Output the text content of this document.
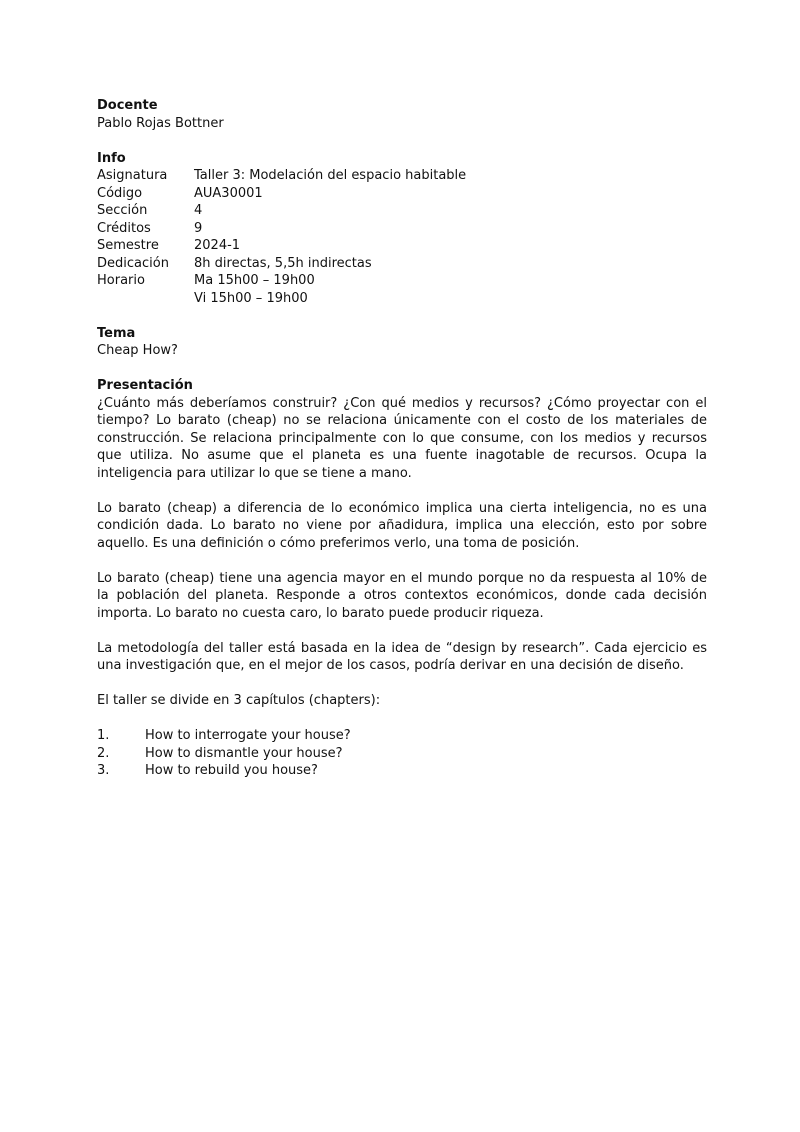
Docente

Pablo Rojas Bottner

Info

Asignatura	Taller 3: Modelación del espacio habitable
Código	AUA30001
Sección	4
Créditos	9
Semestre	2024-1
Dedicación	8h directas, 5,5h indirectas
Horario	Ma 15h00 – 19h00
Vi 15h00 – 19h00

Tema

Cheap How?

Presentación

¿Cuánto más deberíamos construir? ¿Con qué medios y recursos? ¿Cómo proyectar con el tiempo? Lo barato (cheap) no se relaciona únicamente con el costo de los materiales de construcción. Se relaciona principalmente con lo que consume, con los medios y recursos que utiliza. No asume que el planeta es una fuente inagotable de recursos. Ocupa la inteligencia para utilizar lo que se tiene a mano.

Lo barato (cheap) a diferencia de lo económico implica una cierta inteligencia, no es una condición dada. Lo barato no viene por añadidura, implica una elección, esto por sobre aquello. Es una definición o cómo preferimos verlo, una toma de posición.

Lo barato (cheap) tiene una agencia mayor en el mundo porque no da respuesta al 10% de la población del planeta. Responde a otros contextos económicos, donde cada decisión importa. Lo barato no cuesta caro, lo barato puede producir riqueza.

La metodología del taller está basada en la idea de “design by research”. Cada ejercicio es una investigación que, en el mejor de los casos, podría derivar en una decisión de diseño.

El taller se divide en 3 capítulos (chapters):

1.	How to interrogate your house?
2.	How to dismantle your house?
3.	How to rebuild you house?
